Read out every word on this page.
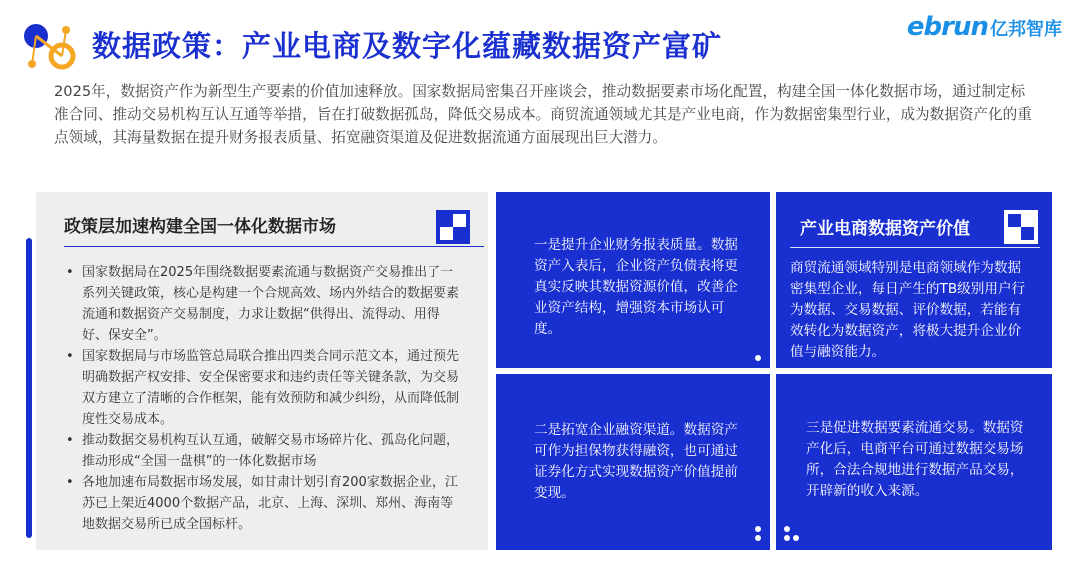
数据政策：产业电商及数字化蕴藏数据资产富矿
ebrun 亿邦智库
2025年，数据资产作为新型生产要素的价值加速释放。国家数据局密集召开座谈会，推动数据要素市场化配置，构建全国一体化数据市场，通过制定标准合同、推动交易机构互认互通等举措，旨在打破数据孤岛，降低交易成本。商贸流通领域尤其是产业电商，作为数据密集型行业，成为数据资产化的重点领域，其海量数据在提升财务报表质量、拓宽融资渠道及促进数据流通方面展现出巨大潜力。
政策层加速构建全国一体化数据市场
• 国家数据局在2025年围绕数据要素流通与数据资产交易推出了一系列关键政策，核心是构建一个合规高效、场内外结合的数据要素流通和数据资产交易制度，力求让数据“供得出、流得动、用得好、保安全”。
• 国家数据局与市场监管总局联合推出四类合同示范文本，通过预先明确数据产权安排、安全保密要求和违约责任等关键条款，为交易双方建立了清晰的合作框架，能有效预防和减少纠纷，从而降低制度性交易成本。
• 推动数据交易机构互认互通，破解交易市场碎片化、孤岛化问题，推动形成“全国一盘棋”的一体化数据市场
• 各地加速布局数据市场发展，如甘肃计划引育200家数据企业，江苏已上架近4000个数据产品，北京、上海、深圳、郑州、海南等地数据交易所已成全国标杆。
一是提升企业财务报表质量。数据资产入表后，企业资产负债表将更真实反映其数据资源价值，改善企业资产结构，增强资本市场认可度。
产业电商数据资产价值
商贸流通领域特别是电商领域作为数据密集型企业，每日产生的TB级别用户行为数据、交易数据、评价数据，若能有效转化为数据资产，将极大提升企业价值与融资能力。
二是拓宽企业融资渠道。数据资产可作为担保物获得融资，也可通过证券化方式实现数据资产价值提前变现。
三是促进数据要素流通交易。数据资产化后，电商平台可通过数据交易场所，合法合规地进行数据产品交易，开辟新的收入来源。
